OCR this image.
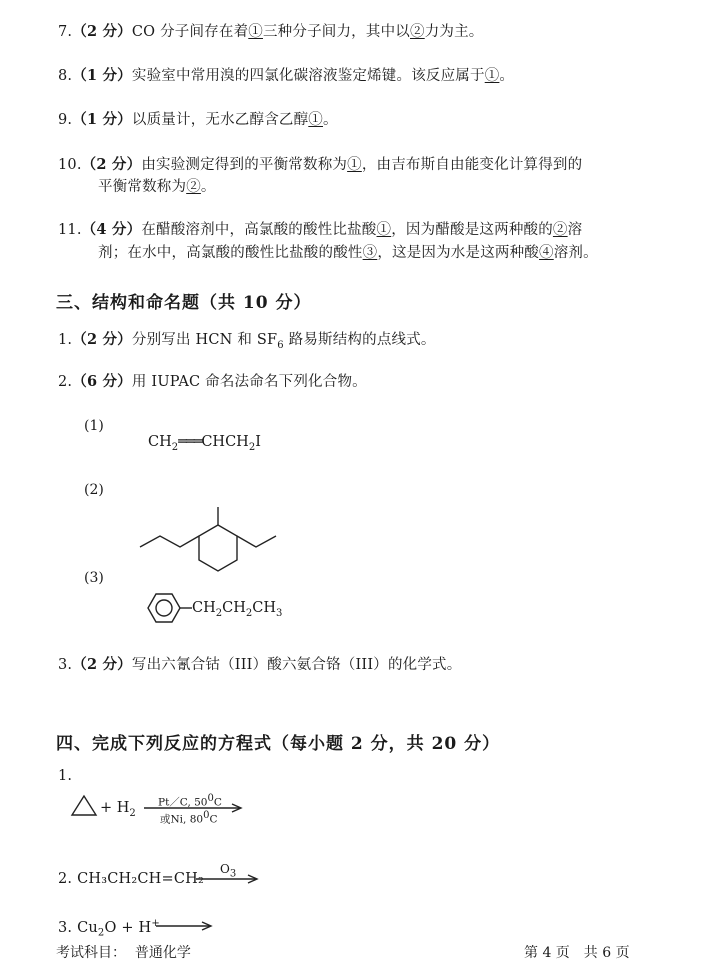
7.（2 分）CO 分子间存在着①三种分子间力，其中以②力为主。
8.（1 分）实验室中常用溴的四氯化碳溶液鉴定烯键。该反应属于①。
9.（1 分）以质量计，无水乙醇含乙醇①。
10.（2 分）由实验测定得到的平衡常数称为①，由吉布斯自由能变化计算得到的
平衡常数称为②。
11.（4 分）在醋酸溶剂中，高氯酸的酸性比盐酸①，因为醋酸是这两种酸的②溶
剂；在水中，高氯酸的酸性比盐酸的酸性③，这是因为水是这两种酸④溶剂。
三、结构和命名题（共 10 分）
1.（2 分）分别写出 HCN 和 $SF_6$ 路易斯结构的点线式。
2.（6 分）用 IUPAC 命名法命名下列化合物。
(1)
$CH_2═══CHCH_2I$
(2)
(3)
$CH_2CH_2CH_3$
3.（2 分）写出六氰合钴（III）酸六氨合铬（III）的化学式。
四、完成下列反应的方程式（每小题 2 分，共 20 分）
1.
+ $H_2$
Pt／C, $50^0C$
或Ni, $80^0C$
2. CH₃CH₂CH=CH₂
$O_3$
3. $Cu_2O + H^+$
考试科目： 普通化学	第 4 页　共 6 页
